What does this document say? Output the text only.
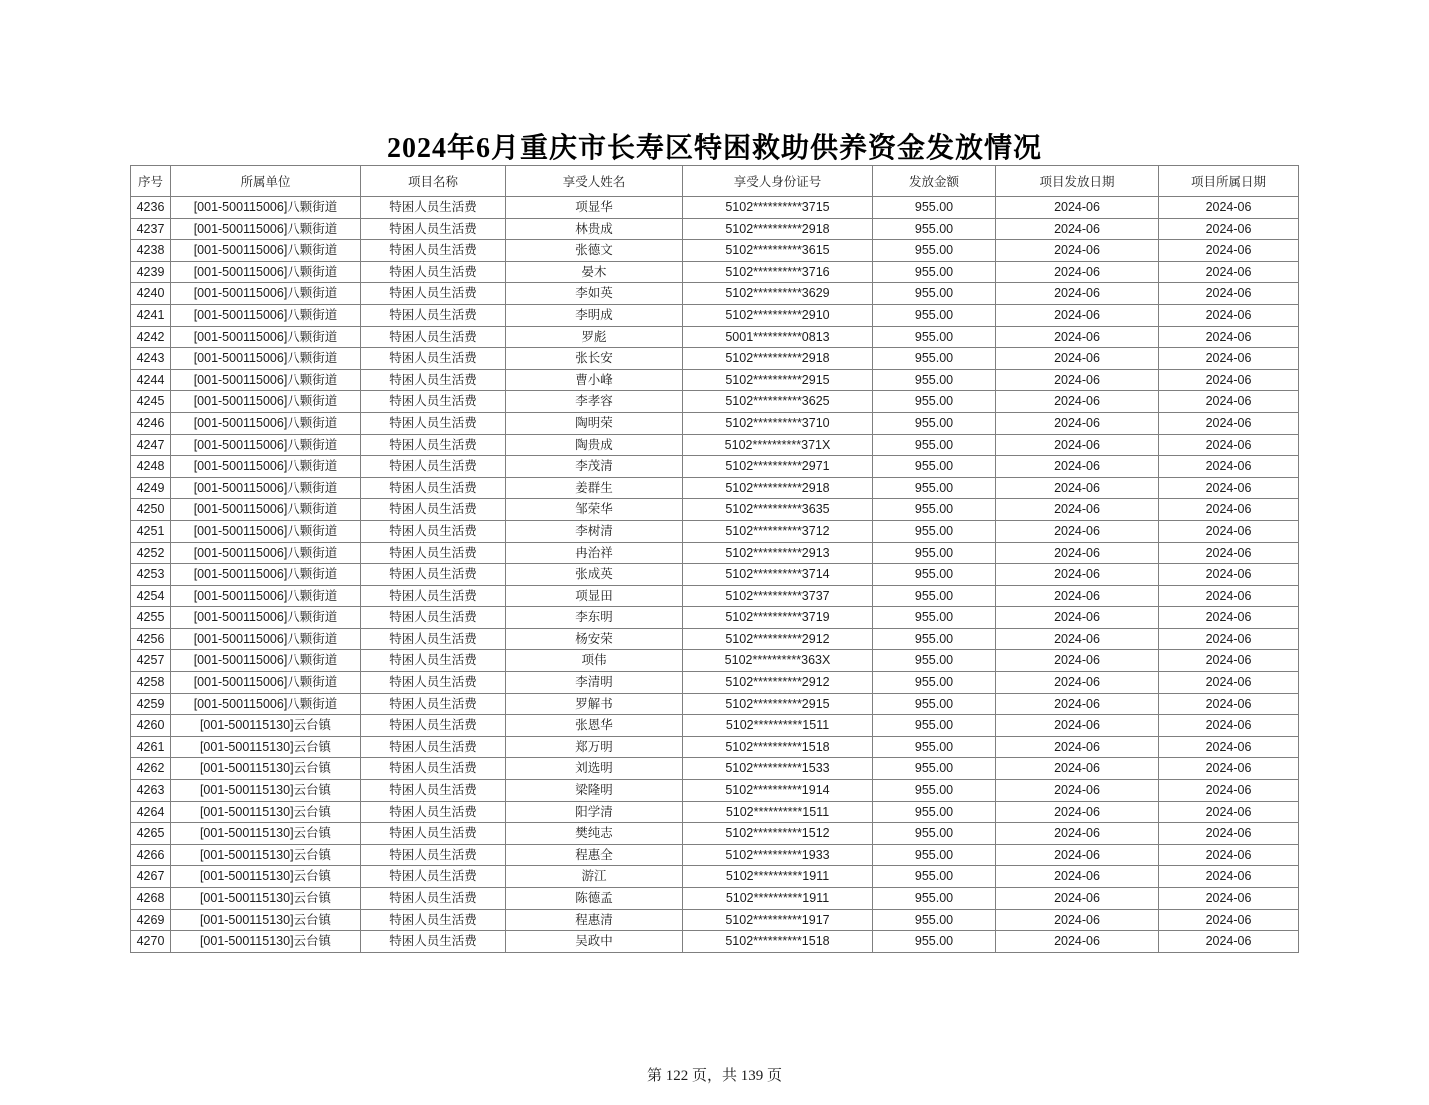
2024年6月重庆市长寿区特困救助供养资金发放情况
序号	所属单位	项目名称	享受人姓名	享受人身份证号	发放金额	项目发放日期	项目所属日期
4236	[001-500115006]八颗街道	特困人员生活费	项显华	5102**********3715	955.00	2024-06	2024-06
4237	[001-500115006]八颗街道	特困人员生活费	林贵成	5102**********2918	955.00	2024-06	2024-06
4238	[001-500115006]八颗街道	特困人员生活费	张德文	5102**********3615	955.00	2024-06	2024-06
4239	[001-500115006]八颗街道	特困人员生活费	晏木	5102**********3716	955.00	2024-06	2024-06
4240	[001-500115006]八颗街道	特困人员生活费	李如英	5102**********3629	955.00	2024-06	2024-06
4241	[001-500115006]八颗街道	特困人员生活费	李明成	5102**********2910	955.00	2024-06	2024-06
4242	[001-500115006]八颗街道	特困人员生活费	罗彪	5001**********0813	955.00	2024-06	2024-06
4243	[001-500115006]八颗街道	特困人员生活费	张长安	5102**********2918	955.00	2024-06	2024-06
4244	[001-500115006]八颗街道	特困人员生活费	曹小峰	5102**********2915	955.00	2024-06	2024-06
4245	[001-500115006]八颗街道	特困人员生活费	李孝容	5102**********3625	955.00	2024-06	2024-06
4246	[001-500115006]八颗街道	特困人员生活费	陶明荣	5102**********3710	955.00	2024-06	2024-06
4247	[001-500115006]八颗街道	特困人员生活费	陶贵成	5102**********371X	955.00	2024-06	2024-06
4248	[001-500115006]八颗街道	特困人员生活费	李茂清	5102**********2971	955.00	2024-06	2024-06
4249	[001-500115006]八颗街道	特困人员生活费	姜群生	5102**********2918	955.00	2024-06	2024-06
4250	[001-500115006]八颗街道	特困人员生活费	邹荣华	5102**********3635	955.00	2024-06	2024-06
4251	[001-500115006]八颗街道	特困人员生活费	李树清	5102**********3712	955.00	2024-06	2024-06
4252	[001-500115006]八颗街道	特困人员生活费	冉治祥	5102**********2913	955.00	2024-06	2024-06
4253	[001-500115006]八颗街道	特困人员生活费	张成英	5102**********3714	955.00	2024-06	2024-06
4254	[001-500115006]八颗街道	特困人员生活费	项显田	5102**********3737	955.00	2024-06	2024-06
4255	[001-500115006]八颗街道	特困人员生活费	李东明	5102**********3719	955.00	2024-06	2024-06
4256	[001-500115006]八颗街道	特困人员生活费	杨安荣	5102**********2912	955.00	2024-06	2024-06
4257	[001-500115006]八颗街道	特困人员生活费	项伟	5102**********363X	955.00	2024-06	2024-06
4258	[001-500115006]八颗街道	特困人员生活费	李清明	5102**********2912	955.00	2024-06	2024-06
4259	[001-500115006]八颗街道	特困人员生活费	罗解书	5102**********2915	955.00	2024-06	2024-06
4260	[001-500115130]云台镇	特困人员生活费	张恩华	5102**********1511	955.00	2024-06	2024-06
4261	[001-500115130]云台镇	特困人员生活费	郑万明	5102**********1518	955.00	2024-06	2024-06
4262	[001-500115130]云台镇	特困人员生活费	刘选明	5102**********1533	955.00	2024-06	2024-06
4263	[001-500115130]云台镇	特困人员生活费	梁隆明	5102**********1914	955.00	2024-06	2024-06
4264	[001-500115130]云台镇	特困人员生活费	阳学清	5102**********1511	955.00	2024-06	2024-06
4265	[001-500115130]云台镇	特困人员生活费	樊纯志	5102**********1512	955.00	2024-06	2024-06
4266	[001-500115130]云台镇	特困人员生活费	程惠全	5102**********1933	955.00	2024-06	2024-06
4267	[001-500115130]云台镇	特困人员生活费	游江	5102**********1911	955.00	2024-06	2024-06
4268	[001-500115130]云台镇	特困人员生活费	陈德孟	5102**********1911	955.00	2024-06	2024-06
4269	[001-500115130]云台镇	特困人员生活费	程惠清	5102**********1917	955.00	2024-06	2024-06
4270	[001-500115130]云台镇	特困人员生活费	吴政中	5102**********1518	955.00	2024-06	2024-06
第 122 页，共 139 页
